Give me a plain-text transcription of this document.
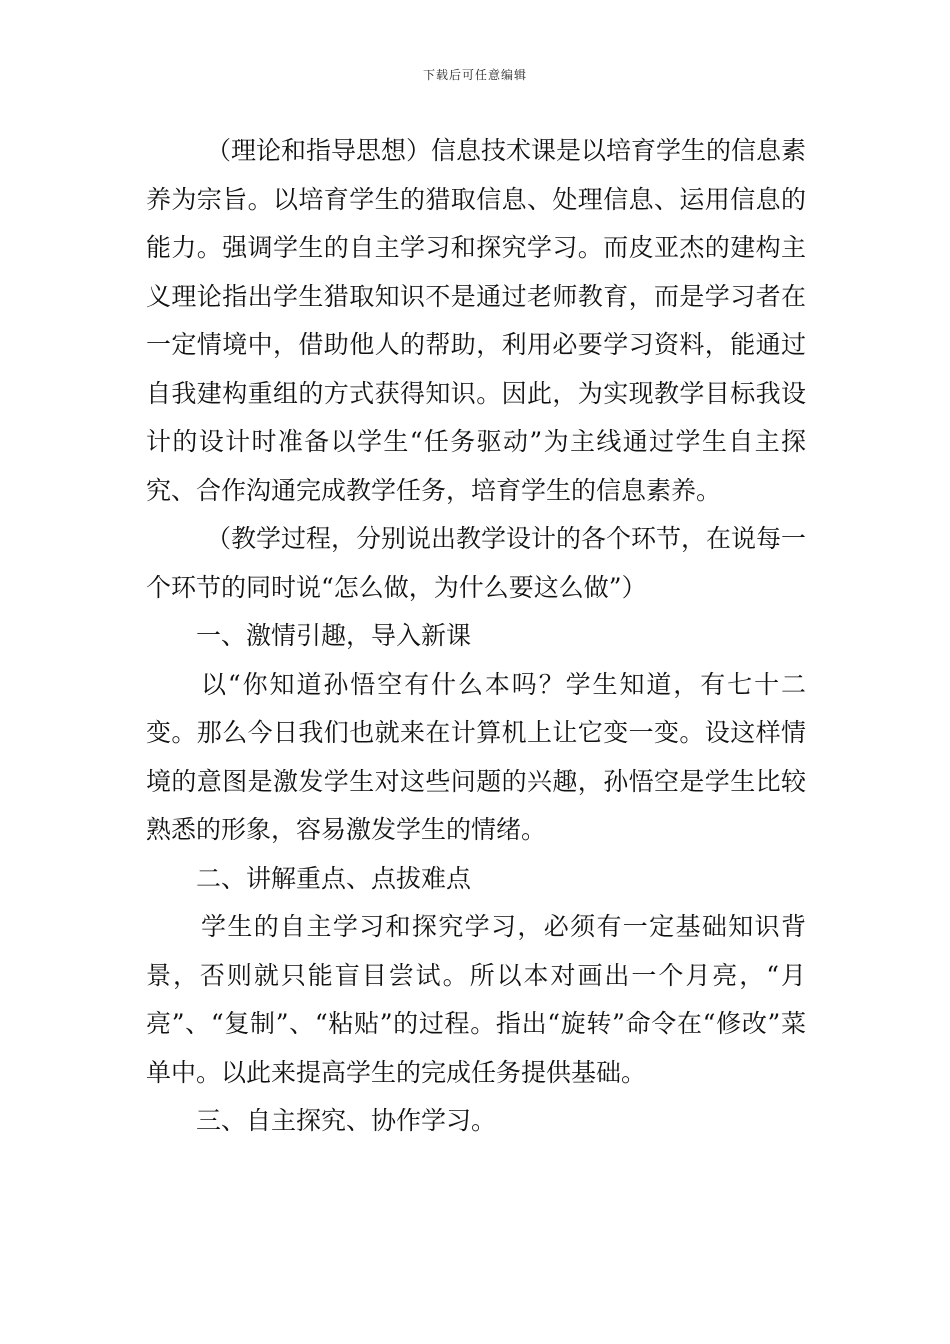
下载后可任意编辑

（理论和指导思想）信息技术课是以培育学生的信息素养为宗旨。以培育学生的猎取信息、处理信息、运用信息的能力。强调学生的自主学习和探究学习。而皮亚杰的建构主义理论指出学生猎取知识不是通过老师教育，而是学习者在一定情境中，借助他人的帮助，利用必要学习资料，能通过自我建构重组的方式获得知识。因此，为实现教学目标我设计的设计时准备以学生“任务驱动”为主线通过学生自主探究、合作沟通完成教学任务，培育学生的信息素养。

（教学过程，分别说出教学设计的各个环节，在说每一个环节的同时说“怎么做，为什么要这么做”）

一、激情引趣，导入新课

以“你知道孙悟空有什么本吗？学生知道，有七十二变。那么今日我们也就来在计算机上让它变一变。设这样情境的意图是激发学生对这些问题的兴趣，孙悟空是学生比较熟悉的形象，容易激发学生的情绪。

二、讲解重点、点拔难点

学生的自主学习和探究学习，必须有一定基础知识背景，否则就只能盲目尝试。所以本对画出一个月亮，“月亮”、“复制”、“粘贴”的过程。指出“旋转”命令在“修改”菜单中。以此来提高学生的完成任务提供基础。

三、自主探究、协作学习。
